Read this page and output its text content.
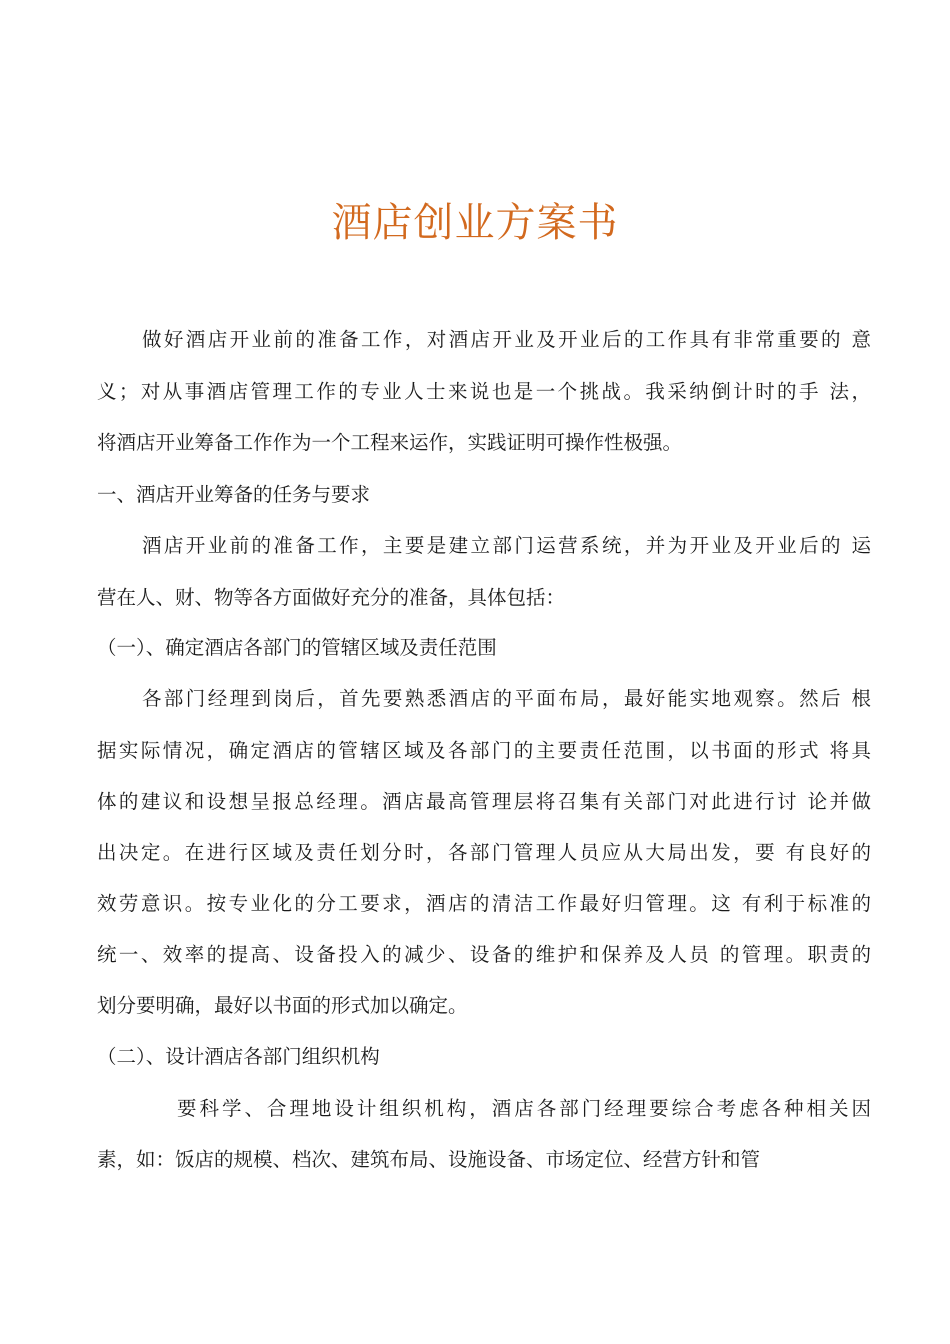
酒店创业方案书
做好酒店开业前的准备工作，对酒店开业及开业后的工作具有非常重要的 意
义；对从事酒店管理工作的专业人士来说也是一个挑战。我采纳倒计时的手 法，
将酒店开业筹备工作作为一个工程来运作，实践证明可操作性极强。
一、酒店开业筹备的任务与要求
酒店开业前的准备工作，主要是建立部门运营系统，并为开业及开业后的 运
营在人、财、物等各方面做好充分的准备，具体包括：
（一）、确定酒店各部门的管辖区域及责任范围
各部门经理到岗后，首先要熟悉酒店的平面布局，最好能实地观察。然后 根
据实际情况，确定酒店的管辖区域及各部门的主要责任范围，以书面的形式 将具
体的建议和设想呈报总经理。酒店最高管理层将召集有关部门对此进行讨 论并做
出决定。在进行区域及责任划分时，各部门管理人员应从大局出发，要 有良好的
效劳意识。按专业化的分工要求，酒店的清洁工作最好归管理。这 有利于标准的
统一、效率的提高、设备投入的减少、设备的维护和保养及人员 的管理。职责的
划分要明确，最好以书面的形式加以确定。
（二）、设计酒店各部门组织机构
要科学、合理地设计组织机构，酒店各部门经理要综合考虑各种相关因
素，如：饭店的规模、档次、建筑布局、设施设备、市场定位、经营方针和管
